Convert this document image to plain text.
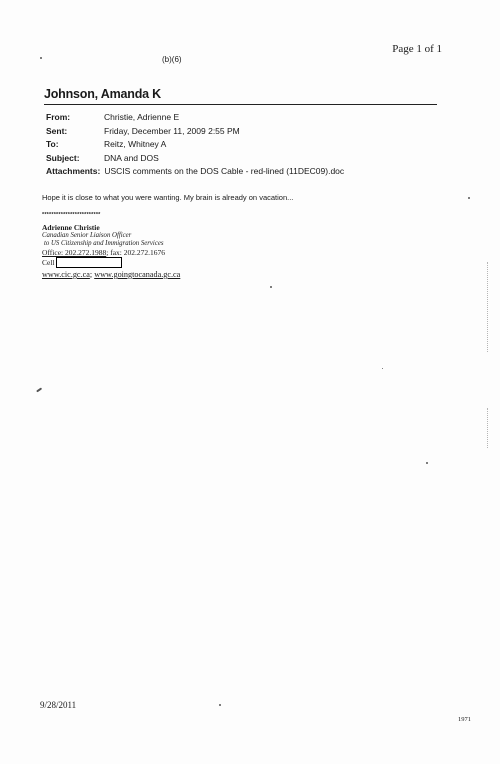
Page 1 of 1
(b)(6)
Johnson, Amanda K
From:	Christie, Adrienne E
Sent:	Friday, December 11, 2009 2:55 PM
To:	Reitz, Whitney A
Subject:	DNA and DOS
Attachments: USCIS comments on the DOS Cable - red-lined (11DEC09).doc
Hope it is close to what you were wanting. My brain is already on vacation...
*************************
Adrienne Christie
Canadian Senior Liaison Officer
to US Citizenship and Immigration Services
Office: 202.272.1988; fax: 202.272.1676
Cell
www.cic.gc.ca; www.goingtocanada.gc.ca
9/28/2011
1971
